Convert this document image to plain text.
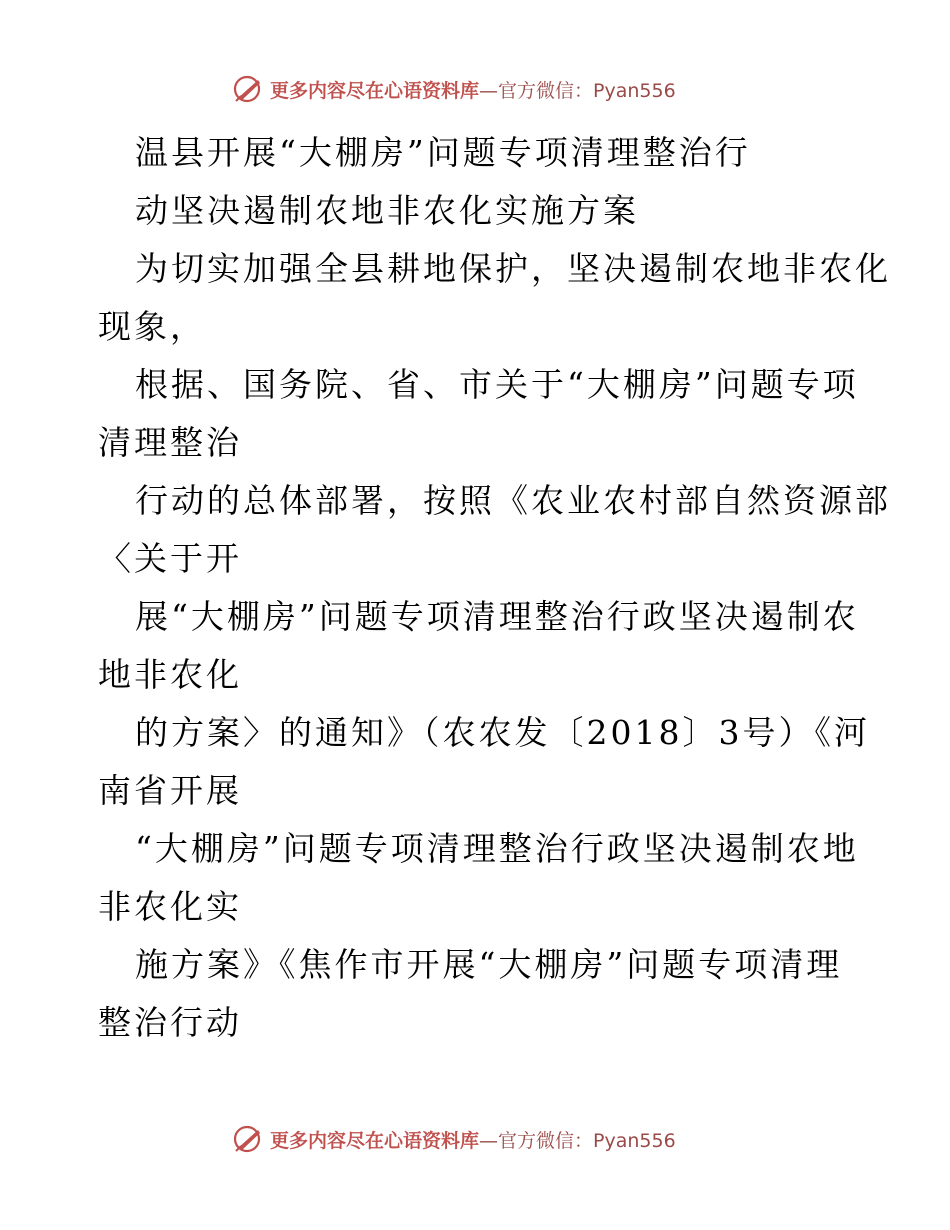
更多内容尽在心语资料库 —官方微信：Pyan556
温县开展“大棚房”问题专项清理整治行
动坚决遏制农地非农化实施方案
为切实加强全县耕地保护，坚决遏制农地非农化
现象，
根据、国务院、省、市关于“大棚房”问题专项
清理整治
行动的总体部署，按照《农业农村部自然资源部
〈关于开
展“大棚房”问题专项清理整治行政坚决遏制农
地非农化
的方案〉的通知》（农农发〔2018〕3号）《河
南省开展
“大棚房”问题专项清理整治行政坚决遏制农地
非农化实
施方案》《焦作市开展“大棚房”问题专项清理
整治行动
更多内容尽在心语资料库 —官方微信：Pyan556
